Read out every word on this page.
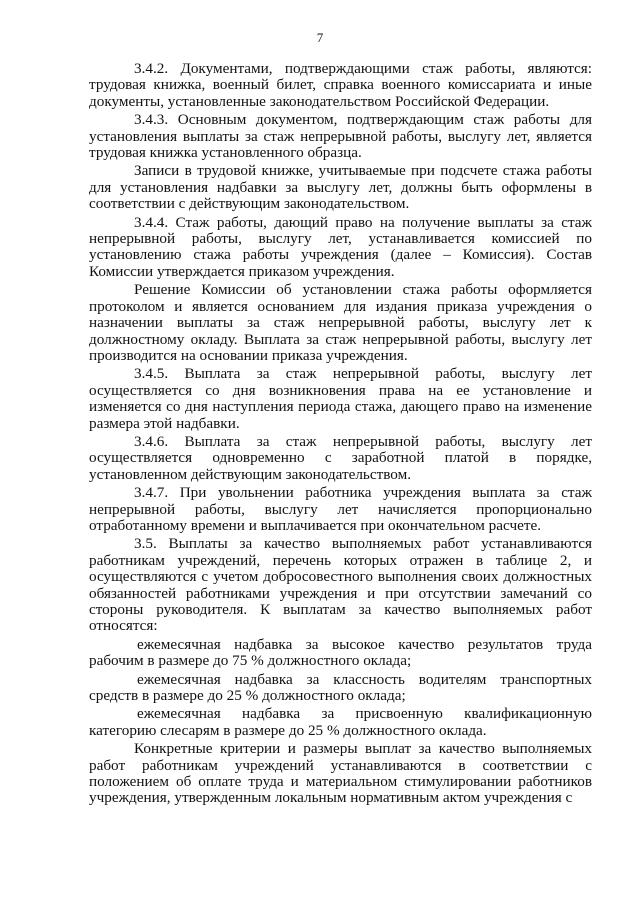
7

3.4.2. Документами, подтверждающими стаж работы, являются: трудовая книжка, военный билет, справка военного комиссариата и иные документы, установленные законодательством Российской Федерации.

3.4.3. Основным документом, подтверждающим стаж работы для установления выплаты за стаж непрерывной работы, выслугу лет, является трудовая книжка установленного образца.

Записи в трудовой книжке, учитываемые при подсчете стажа работы для установления надбавки за выслугу лет, должны быть оформлены в соответствии с действующим законодательством.

3.4.4. Стаж работы, дающий право на получение выплаты за стаж непрерывной работы, выслугу лет, устанавливается комиссией по установлению стажа работы учреждения (далее – Комиссия). Состав Комиссии утверждается приказом учреждения.

Решение Комиссии об установлении стажа работы оформляется протоколом и является основанием для издания приказа учреждения о назначении выплаты за стаж непрерывной работы, выслугу лет к должностному окладу. Выплата за стаж непрерывной работы, выслугу лет производится на основании приказа учреждения.

3.4.5. Выплата за стаж непрерывной работы, выслугу лет осуществляется со дня возникновения права на ее установление и изменяется со дня наступления периода стажа, дающего право на изменение размера этой надбавки.

3.4.6. Выплата за стаж непрерывной работы, выслугу лет осуществляется одновременно с заработной платой в порядке, установленном действующим законодательством.

3.4.7. При увольнении работника учреждения выплата за стаж непрерывной работы, выслугу лет начисляется пропорционально отработанному времени и выплачивается при окончательном расчете.

3.5. Выплаты за качество выполняемых работ устанавливаются работникам учреждений, перечень которых отражен в таблице 2, и осуществляются с учетом добросовестного выполнения своих должностных обязанностей работниками учреждения и при отсутствии замечаний со стороны руководителя. К выплатам за качество выполняемых работ относятся:

ежемесячная надбавка за высокое качество результатов труда рабочим в размере до 75 % должностного оклада;

ежемесячная надбавка за классность водителям транспортных средств в размере до 25 % должностного оклада;

ежемесячная надбавка за присвоенную квалификационную категорию слесарям в размере до 25 % должностного оклада.

Конкретные критерии и размеры выплат за качество выполняемых работ работникам учреждений устанавливаются в соответствии с положением об оплате труда и материальном стимулировании работников учреждения, утвержденным локальным нормативным актом учреждения с
